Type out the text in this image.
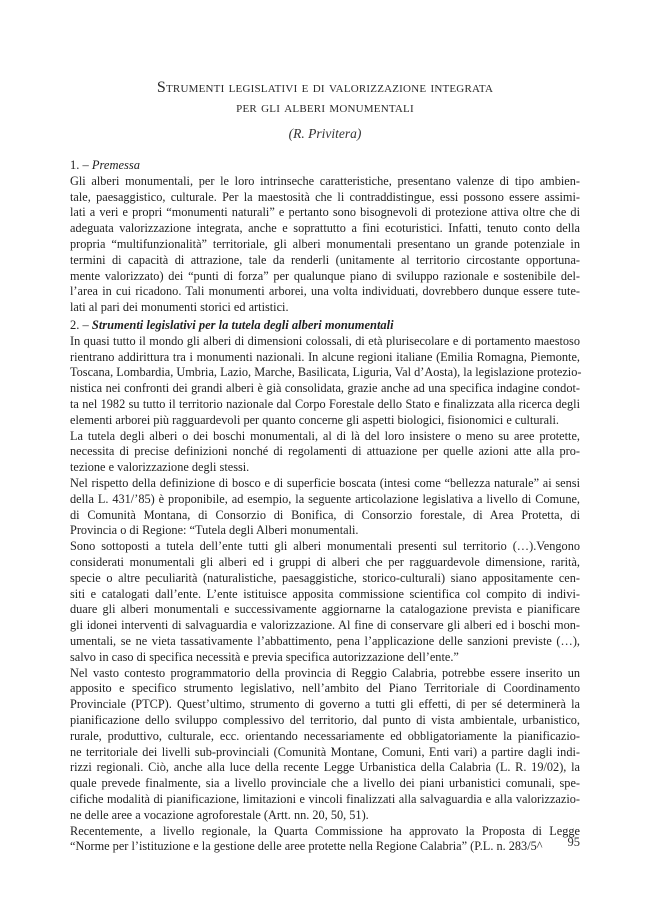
Strumenti legislativi e di valorizzazione integrata
per gli alberi monumentali
(R. Privitera)
1. – Premessa
Gli alberi monumentali, per le loro intrinseche caratteristiche, presentano valenze di tipo ambien-
tale, paesaggistico, culturale. Per la maestosità che li contraddistingue, essi possono essere assimi-
lati a veri e propri “monumenti naturali” e pertanto sono bisognevoli di protezione attiva oltre che di
adeguata valorizzazione integrata, anche e soprattutto a fini ecoturistici. Infatti, tenuto conto della
propria “multifunzionalità” territoriale, gli alberi monumentali presentano un grande potenziale in
termini di capacità di attrazione, tale da renderli (unitamente al territorio circostante opportuna-
mente valorizzato) dei “punti di forza” per qualunque piano di sviluppo razionale e sostenibile del-
l’area in cui ricadono. Tali monumenti arborei, una volta individuati, dovrebbero dunque essere tute-
lati al pari dei monumenti storici ed artistici.
2. – Strumenti legislativi per la tutela degli alberi monumentali
In quasi tutto il mondo gli alberi di dimensioni colossali, di età plurisecolare e di portamento maestoso
rientrano addirittura tra i monumenti nazionali. In alcune regioni italiane (Emilia Romagna, Piemonte,
Toscana, Lombardia, Umbria, Lazio, Marche, Basilicata, Liguria, Val d’Aosta), la legislazione protezio-
nistica nei confronti dei grandi alberi è già consolidata, grazie anche ad una specifica indagine condot-
ta nel 1982 su tutto il territorio nazionale dal Corpo Forestale dello Stato e finalizzata alla ricerca degli
elementi arborei più ragguardevoli per quanto concerne gli aspetti biologici, fisionomici e culturali.
La tutela degli alberi o dei boschi monumentali, al di là del loro insistere o meno su aree protette,
necessita di precise definizioni nonché di regolamenti di attuazione per quelle azioni atte alla pro-
tezione e valorizzazione degli stessi.
Nel rispetto della definizione di bosco e di superficie boscata (intesi come “bellezza naturale” ai sensi
della L. 431/’85) è proponibile, ad esempio, la seguente articolazione legislativa a livello di Comune,
di Comunità Montana, di Consorzio di Bonifica, di Consorzio forestale, di Area Protetta, di
Provincia o di Regione: “Tutela degli Alberi monumentali.
Sono sottoposti a tutela dell’ente tutti gli alberi monumentali presenti sul territorio (…).Vengono
considerati monumentali gli alberi ed i gruppi di alberi che per ragguardevole dimensione, rarità,
specie o altre peculiarità (naturalistiche, paesaggistiche, storico-culturali) siano appositamente cen-
siti e catalogati dall’ente. L’ente istituisce apposita commissione scientifica col compito di indivi-
duare gli alberi monumentali e successivamente aggiornarne la catalogazione prevista e pianificare
gli idonei interventi di salvaguardia e valorizzazione. Al fine di conservare gli alberi ed i boschi mon-
umentali, se ne vieta tassativamente l’abbattimento, pena l’applicazione delle sanzioni previste (…),
salvo in caso di specifica necessità e previa specifica autorizzazione dell’ente.”
Nel vasto contesto programmatorio della provincia di Reggio Calabria, potrebbe essere inserito un
apposito e specifico strumento legislativo, nell’ambito del Piano Territoriale di Coordinamento
Provinciale (PTCP). Quest’ultimo, strumento di governo a tutti gli effetti, di per sé determinerà la
pianificazione dello sviluppo complessivo del territorio, dal punto di vista ambientale, urbanistico,
rurale, produttivo, culturale, ecc. orientando necessariamente ed obbligatoriamente la pianificazio-
ne territoriale dei livelli sub-provinciali (Comunità Montane, Comuni, Enti vari) a partire dagli indi-
rizzi regionali. Ciò, anche alla luce della recente Legge Urbanistica della Calabria (L. R. 19/02), la
quale prevede finalmente, sia a livello provinciale che a livello dei piani urbanistici comunali, spe-
cifiche modalità di pianificazione, limitazioni e vincoli finalizzati alla salvaguardia e alla valorizzazio-
ne delle aree a vocazione agroforestale (Artt. nn. 20, 50, 51).
Recentemente, a livello regionale, la Quarta Commissione ha approvato la Proposta di Legge
“Norme per l’istituzione e la gestione delle aree protette nella Regione Calabria” (P.L. n. 283/5^	95
